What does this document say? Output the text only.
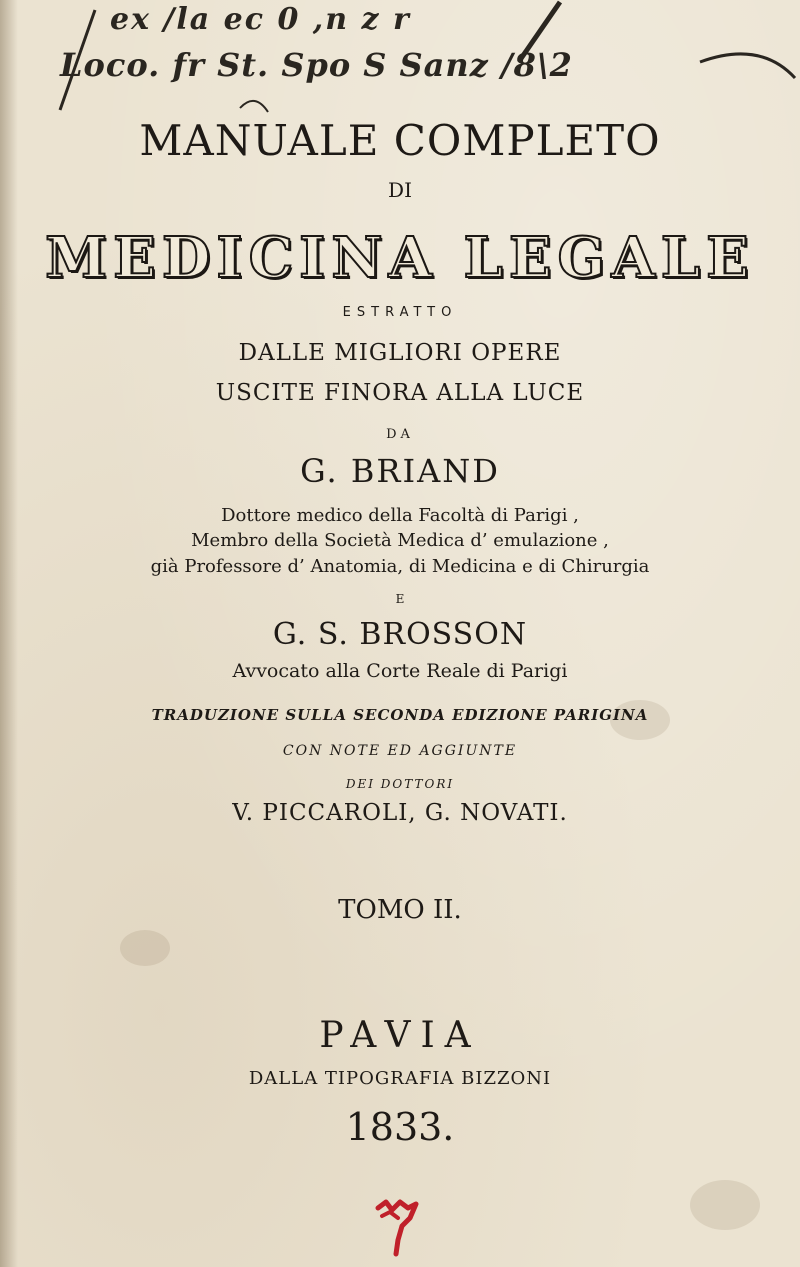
ex /la ec 0 ,n z r
Loco. fr St. Spo S Sanz /8\2
MANUALE COMPLETO
DI
MEDICINA LEGALE
ESTRATTO
DALLE MIGLIORI OPERE
USCITE FINORA ALLA LUCE
DA
G. BRIAND
Dottore medico della Facoltà di Parigi ,
Membro della Società Medica d’ emulazione ,
già Professore d’ Anatomia, di Medicina e di Chirurgia
E
G. S. BROSSON
Avvocato alla Corte Reale di Parigi
TRADUZIONE SULLA SECONDA EDIZIONE PARIGINA
CON NOTE ED AGGIUNTE
DEI DOTTORI
V. PICCAROLI, G. NOVATI.
TOMO II.
PAVIA
DALLA TIPOGRAFIA BIZZONI
1833.
